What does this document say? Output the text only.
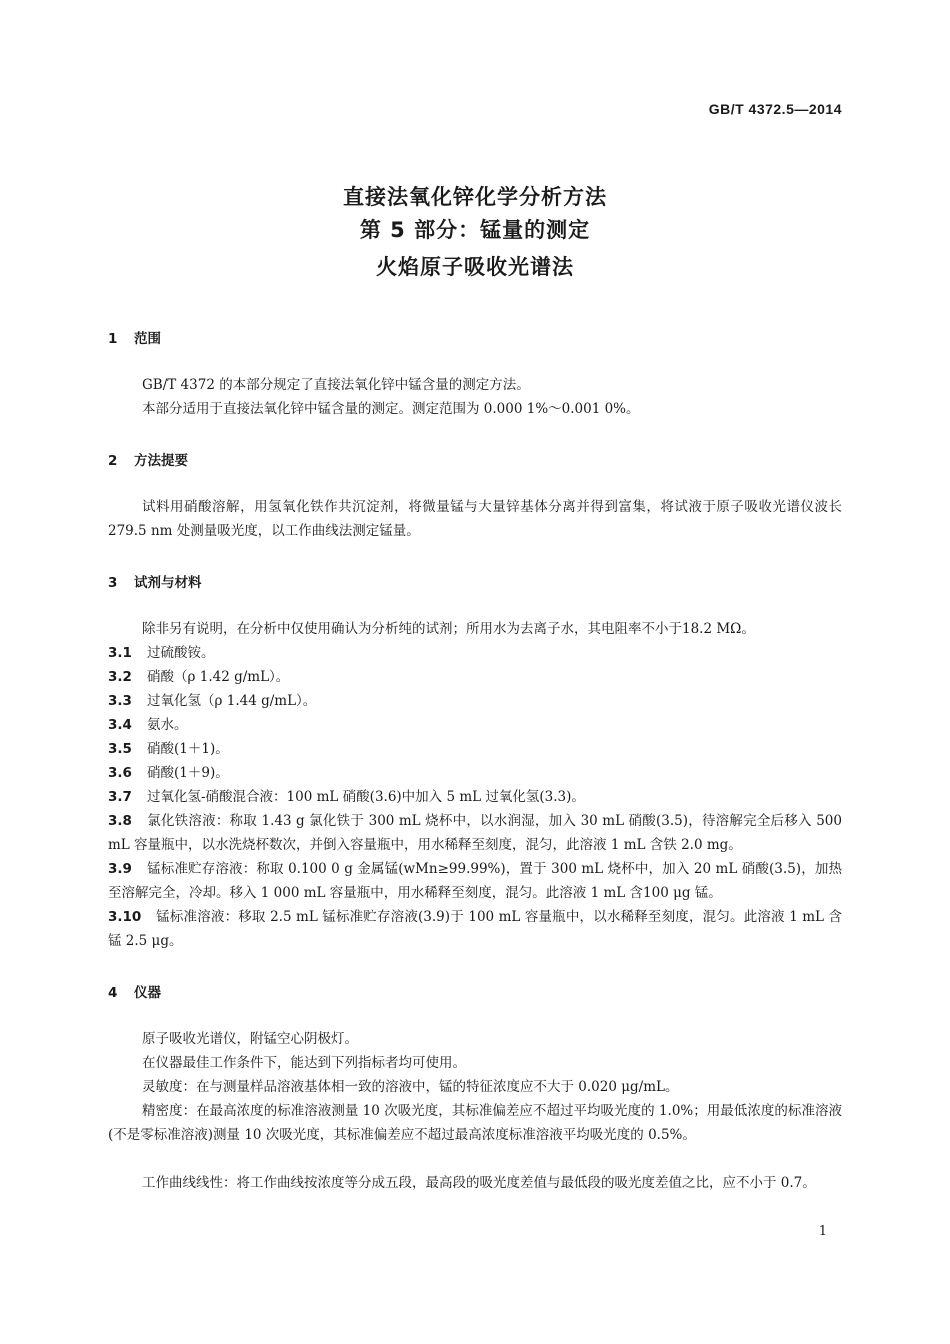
GB/T 4372.5—2014
直接法氧化锌化学分析方法
第 5 部分：锰量的测定
火焰原子吸收光谱法
1 范围
GB/T 4372 的本部分规定了直接法氧化锌中锰含量的测定方法。
本部分适用于直接法氧化锌中锰含量的测定。测定范围为 0.000 1%～0.001 0%。
2 方法提要
试料用硝酸溶解，用氢氧化铁作共沉淀剂，将微量锰与大量锌基体分离并得到富集，将试液于原子吸收光谱仪波长 279.5 nm 处测量吸光度，以工作曲线法测定锰量。
3 试剂与材料
除非另有说明，在分析中仅使用确认为分析纯的试剂；所用水为去离子水，其电阻率不小于18.2 MΩ。
3.1 过硫酸铵。
3.2 硝酸（ρ 1.42 g/mL）。
3.3 过氧化氢（ρ 1.44 g/mL）。
3.4 氨水。
3.5 硝酸(1＋1)。
3.6 硝酸(1＋9)。
3.7 过氧化氢-硝酸混合液：100 mL 硝酸(3.6)中加入 5 mL 过氧化氢(3.3)。
3.8 氯化铁溶液：称取 1.43 g 氯化铁于 300 mL 烧杯中，以水润湿，加入 30 mL 硝酸(3.5)，待溶解完全后移入 500 mL 容量瓶中，以水洗烧杯数次，并倒入容量瓶中，用水稀释至刻度，混匀，此溶液 1 mL 含铁 2.0 mg。
3.9 锰标准贮存溶液：称取 0.100 0 g 金属锰(wMn≥99.99%)，置于 300 mL 烧杯中，加入 20 mL 硝酸(3.5)，加热至溶解完全，冷却。移入 1 000 mL 容量瓶中，用水稀释至刻度，混匀。此溶液 1 mL 含100 μg 锰。
3.10 锰标准溶液：移取 2.5 mL 锰标准贮存溶液(3.9)于 100 mL 容量瓶中，以水稀释至刻度，混匀。此溶液 1 mL 含锰 2.5 μg。
4 仪器
原子吸收光谱仪，附锰空心阴极灯。
在仪器最佳工作条件下，能达到下列指标者均可使用。
灵敏度：在与测量样品溶液基体相一致的溶液中，锰的特征浓度应不大于 0.020 μg/mL。
精密度：在最高浓度的标准溶液测量 10 次吸光度，其标准偏差应不超过平均吸光度的 1.0%；用最低浓度的标准溶液(不是零标准溶液)测量 10 次吸光度，其标准偏差应不超过最高浓度标准溶液平均吸光度的 0.5%。
工作曲线线性：将工作曲线按浓度等分成五段，最高段的吸光度差值与最低段的吸光度差值之比，应不小于 0.7。
1
